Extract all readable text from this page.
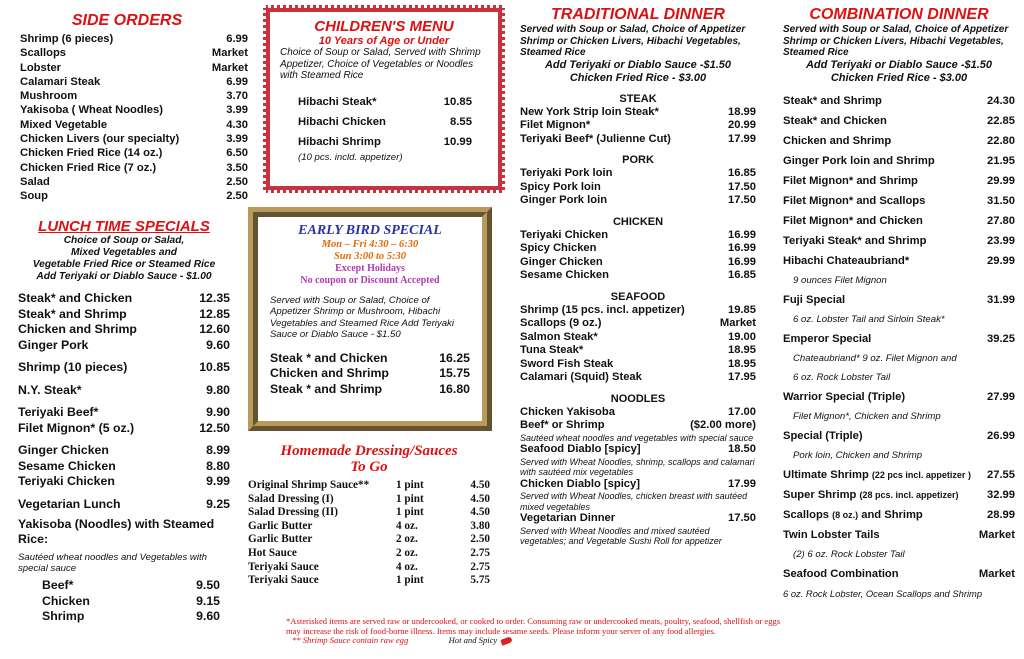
SIDE ORDERS
Shrimp (6 pieces)	6.99
Scallops	Market
Lobster	Market
Calamari Steak	6.99
Mushroom	3.70
Yakisoba ( Wheat Noodles)	3.99
Mixed Vegetable	4.30
Chicken Livers (our specialty)	3.99
Chicken Fried Rice (14 oz.)	6.50
Chicken Fried Rice (7 oz.)	3.50
Salad	2.50
Soup	2.50
LUNCH TIME SPECIALS
Choice of Soup or Salad,
Mixed Vegetables and
Vegetable Fried Rice or Steamed Rice
Add Teriyaki or Diablo Sauce - $1.00
Steak* and Chicken	12.35
Steak* and Shrimp	12.85
Chicken and Shrimp	12.60
Ginger Pork	9.60
Shrimp (10 pieces)	10.85
N.Y. Steak*	9.80
Teriyaki Beef*	9.90
Filet Mignon* (5 oz.)	12.50
Ginger Chicken	8.99
Sesame Chicken	8.80
Teriyaki Chicken	9.99
Vegetarian Lunch	9.25
Yakisoba (Noodles) with Steamed Rice:
Sautéed wheat noodles and Vegetables with special sauce
Beef*	9.50
Chicken	9.15
Shrimp	9.60
CHILDREN'S MENU
10 Years of Age or Under
Choice of Soup or Salad, Served with Shrimp Appetizer, Choice of Vegetables or Noodles with Steamed Rice
Hibachi Steak*	10.85
Hibachi Chicken	8.55
Hibachi Shrimp	10.99
(10 pcs. incld. appetizer)
EARLY BIRD SPECIAL
Mon – Fri 4:30 – 6:30
Sun 3:00 to 5:30
Except Holidays
No coupon or Discount Accepted
Served with Soup or Salad, Choice of Appetizer Shrimp or Mushroom, Hibachi Vegetables and Steamed Rice Add Teriyaki Sauce or Diablo Sauce - $1.50
Steak * and Chicken	16.25
Chicken and Shrimp	15.75
Steak * and Shrimp	16.80
Homemade Dressing/Sauces
To Go
Original Shrimp Sauce**	1 pint	4.50
Salad Dressing (I)	1 pint	4.50
Salad Dressing (II)	1 pint	4.50
Garlic Butter	4 oz.	3.80
Garlic Butter	2 oz.	2.50
Hot Sauce	2 oz.	2.75
Teriyaki Sauce	4 oz.	2.75
Teriyaki Sauce	1 pint	5.75
TRADITIONAL DINNER
Served with Soup or Salad, Choice of Appetizer Shrimp or Chicken Livers, Hibachi Vegetables, Steamed Rice
Add Teriyaki or Diablo Sauce -$1.50
Chicken Fried Rice - $3.00
STEAK
New York Strip loin Steak*	18.99
Filet Mignon*	20.99
Teriyaki Beef* (Julienne Cut)	17.99
PORK
Teriyaki Pork loin	16.85
Spicy Pork loin	17.50
Ginger Pork loin	17.50
CHICKEN
Teriyaki Chicken	16.99
Spicy Chicken	16.99
Ginger Chicken	16.99
Sesame Chicken	16.85
SEAFOOD
Shrimp (15 pcs. incl. appetizer)	19.85
Scallops (9 oz.)	Market
Salmon Steak*	19.00
Tuna Steak*	18.95
Sword Fish Steak	18.95
Calamari (Squid) Steak	17.95
NOODLES
Chicken Yakisoba	17.00
Beef* or Shrimp	($2.00 more)
Sautéed wheat noodles and vegetables with special sauce
Seafood Diablo [spicy]	18.50
Served with Wheat Noodles, shrimp, scallops and calamari with sautéed mix vegetables
Chicken Diablo [spicy]	17.99
Served with Wheat Noodles, chicken breast with sautéed mixed vegetables
Vegetarian Dinner	17.50
Served with Wheat Noodles and mixed sautéed vegetables; and Vegetable Sushi Roll for appetizer
COMBINATION DINNER
Served with Soup or Salad, Choice of Appetizer Shrimp or Chicken Livers, Hibachi Vegetables, Steamed Rice
Add Teriyaki or Diablo Sauce -$1.50
Chicken Fried Rice - $3.00
Steak* and Shrimp	24.30
Steak* and Chicken	22.85
Chicken and Shrimp	22.80
Ginger Pork loin and Shrimp	21.95
Filet Mignon* and Shrimp	29.99
Filet Mignon* and Scallops	31.50
Filet Mignon* and Chicken	27.80
Teriyaki Steak* and Shrimp	23.99
Hibachi Chateaubriand*	29.99
9 ounces Filet Mignon
Fuji Special	31.99
6 oz. Lobster Tail and Sirloin Steak*
Emperor Special	39.25
Chateaubriand* 9 oz. Filet Mignon and
6 oz. Rock Lobster Tail
Warrior Special (Triple)	27.99
Filet Mignon*, Chicken and Shrimp
Special (Triple)	26.99
Pork loin, Chicken and Shrimp
Ultimate Shrimp (22 pcs incl. appetizer ) 27.55
Super Shrimp (28 pcs. incl. appetizer)	32.99
Scallops (8 oz.) and Shrimp	28.99
Twin Lobster Tails	Market
(2) 6 oz. Rock Lobster Tail
Seafood Combination	Market
6 oz. Rock Lobster, Ocean Scallops and Shrimp
*Asterisked items are served raw or undercooked, or cooked to order. Consuming raw or undercooked meats, poultry, seafood, shellfish or eggs
may increase the risk of food-borne illness. Items may include sesame seeds. Please inform your server of any food allergies.
** Shrimp Sauce contain raw egg	Hot and Spicy
